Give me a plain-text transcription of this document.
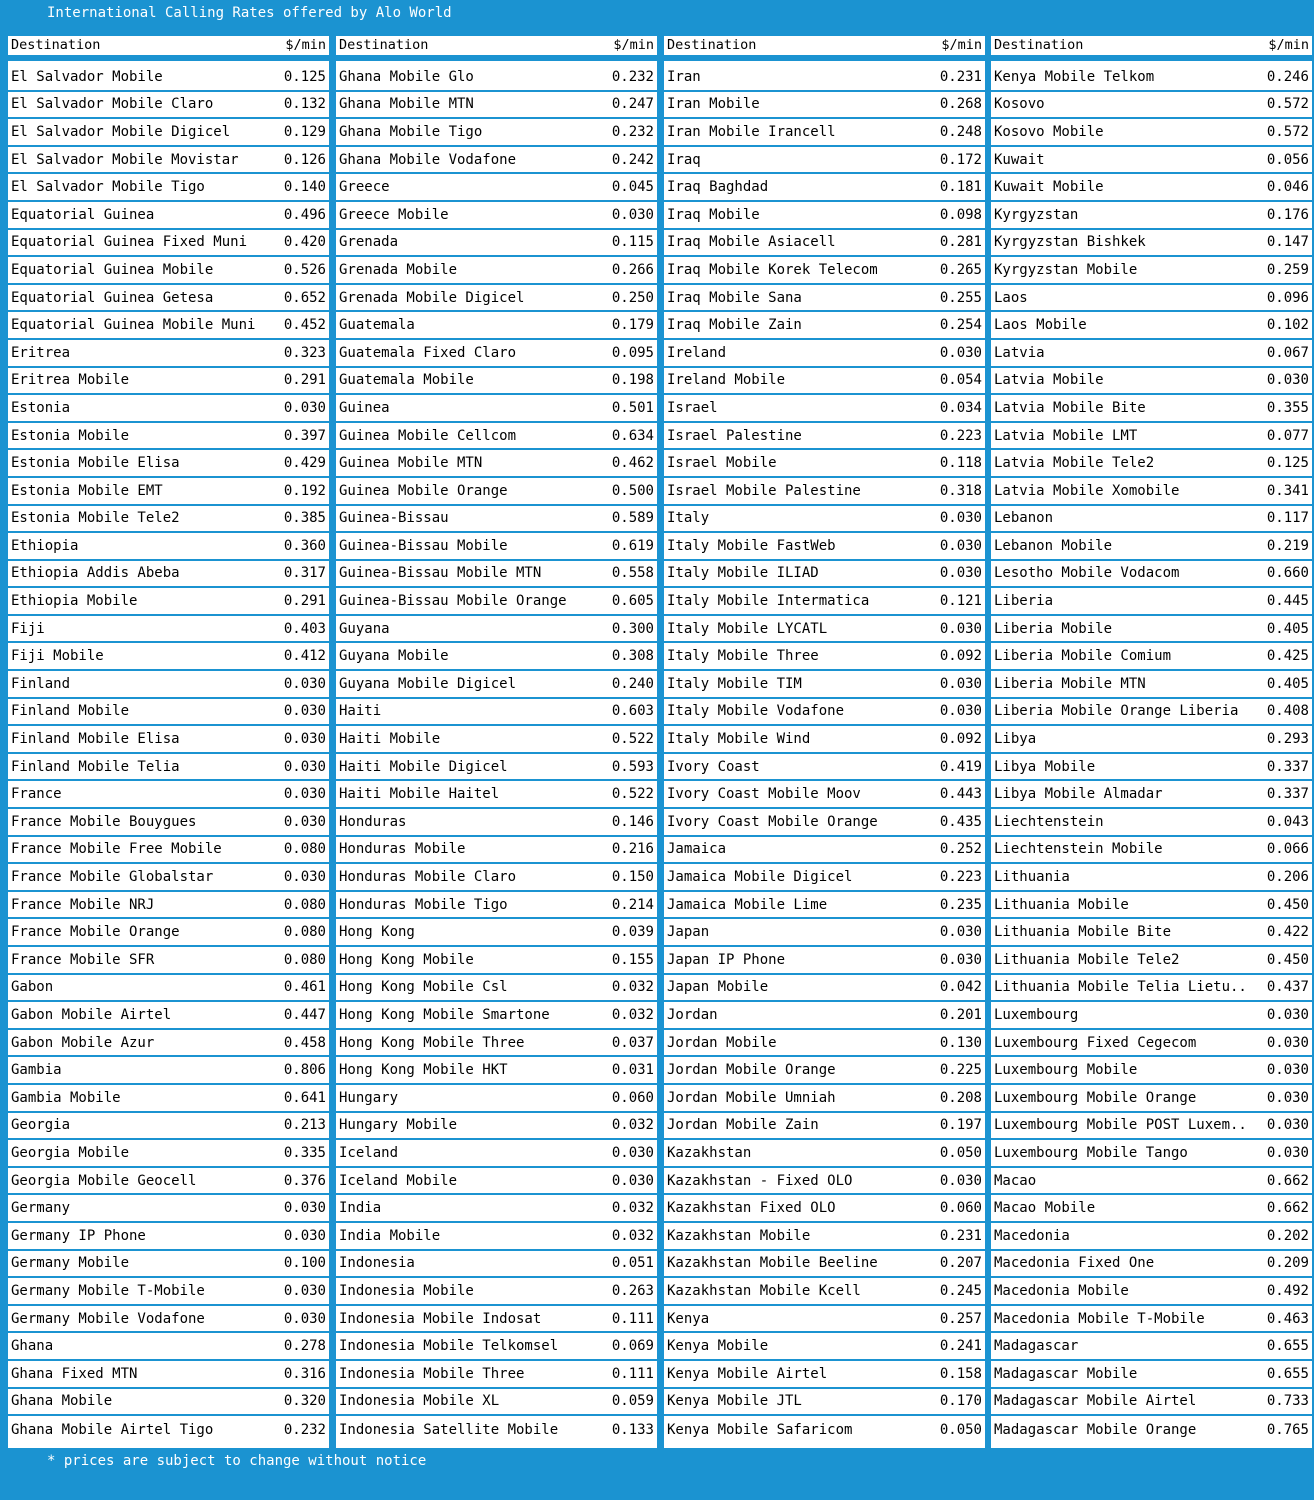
International Calling Rates offered by Alo World
Destination	$/min
El Salvador Mobile	0.125
El Salvador Mobile Claro	0.132
El Salvador Mobile Digicel	0.129
El Salvador Mobile Movistar	0.126
El Salvador Mobile Tigo	0.140
Equatorial Guinea	0.496
Equatorial Guinea Fixed Muni	0.420
Equatorial Guinea Mobile	0.526
Equatorial Guinea Getesa	0.652
Equatorial Guinea Mobile Muni	0.452
Eritrea	0.323
Eritrea Mobile	0.291
Estonia	0.030
Estonia Mobile	0.397
Estonia Mobile Elisa	0.429
Estonia Mobile EMT	0.192
Estonia Mobile Tele2	0.385
Ethiopia	0.360
Ethiopia Addis Abeba	0.317
Ethiopia Mobile	0.291
Fiji	0.403
Fiji Mobile	0.412
Finland	0.030
Finland Mobile	0.030
Finland Mobile Elisa	0.030
Finland Mobile Telia	0.030
France	0.030
France Mobile Bouygues	0.030
France Mobile Free Mobile	0.080
France Mobile Globalstar	0.030
France Mobile NRJ	0.080
France Mobile Orange	0.080
France Mobile SFR	0.080
Gabon	0.461
Gabon Mobile Airtel	0.447
Gabon Mobile Azur	0.458
Gambia	0.806
Gambia Mobile	0.641
Georgia	0.213
Georgia Mobile	0.335
Georgia Mobile Geocell	0.376
Germany	0.030
Germany IP Phone	0.030
Germany Mobile	0.100
Germany Mobile T-Mobile	0.030
Germany Mobile Vodafone	0.030
Ghana	0.278
Ghana Fixed MTN	0.316
Ghana Mobile	0.320
Ghana Mobile Airtel Tigo	0.232
Destination	$/min
Ghana Mobile Glo	0.232
Ghana Mobile MTN	0.247
Ghana Mobile Tigo	0.232
Ghana Mobile Vodafone	0.242
Greece	0.045
Greece Mobile	0.030
Grenada	0.115
Grenada Mobile	0.266
Grenada Mobile Digicel	0.250
Guatemala	0.179
Guatemala Fixed Claro	0.095
Guatemala Mobile	0.198
Guinea	0.501
Guinea Mobile Cellcom	0.634
Guinea Mobile MTN	0.462
Guinea Mobile Orange	0.500
Guinea-Bissau	0.589
Guinea-Bissau Mobile	0.619
Guinea-Bissau Mobile MTN	0.558
Guinea-Bissau Mobile Orange	0.605
Guyana	0.300
Guyana Mobile	0.308
Guyana Mobile Digicel	0.240
Haiti	0.603
Haiti Mobile	0.522
Haiti Mobile Digicel	0.593
Haiti Mobile Haitel	0.522
Honduras	0.146
Honduras Mobile	0.216
Honduras Mobile Claro	0.150
Honduras Mobile Tigo	0.214
Hong Kong	0.039
Hong Kong Mobile	0.155
Hong Kong Mobile Csl	0.032
Hong Kong Mobile Smartone	0.032
Hong Kong Mobile Three	0.037
Hong Kong Mobile HKT	0.031
Hungary	0.060
Hungary Mobile	0.032
Iceland	0.030
Iceland Mobile	0.030
India	0.032
India Mobile	0.032
Indonesia	0.051
Indonesia Mobile	0.263
Indonesia Mobile Indosat	0.111
Indonesia Mobile Telkomsel	0.069
Indonesia Mobile Three	0.111
Indonesia Mobile XL	0.059
Indonesia Satellite Mobile	0.133
Destination	$/min
Iran	0.231
Iran Mobile	0.268
Iran Mobile Irancell	0.248
Iraq	0.172
Iraq Baghdad	0.181
Iraq Mobile	0.098
Iraq Mobile Asiacell	0.281
Iraq Mobile Korek Telecom	0.265
Iraq Mobile Sana	0.255
Iraq Mobile Zain	0.254
Ireland	0.030
Ireland Mobile	0.054
Israel	0.034
Israel Palestine	0.223
Israel Mobile	0.118
Israel Mobile Palestine	0.318
Italy	0.030
Italy Mobile FastWeb	0.030
Italy Mobile ILIAD	0.030
Italy Mobile Intermatica	0.121
Italy Mobile LYCATL	0.030
Italy Mobile Three	0.092
Italy Mobile TIM	0.030
Italy Mobile Vodafone	0.030
Italy Mobile Wind	0.092
Ivory Coast	0.419
Ivory Coast Mobile Moov	0.443
Ivory Coast Mobile Orange	0.435
Jamaica	0.252
Jamaica Mobile Digicel	0.223
Jamaica Mobile Lime	0.235
Japan	0.030
Japan IP Phone	0.030
Japan Mobile	0.042
Jordan	0.201
Jordan Mobile	0.130
Jordan Mobile Orange	0.225
Jordan Mobile Umniah	0.208
Jordan Mobile Zain	0.197
Kazakhstan	0.050
Kazakhstan - Fixed OLO	0.030
Kazakhstan Fixed OLO	0.060
Kazakhstan Mobile	0.231
Kazakhstan Mobile Beeline	0.207
Kazakhstan Mobile Kcell	0.245
Kenya	0.257
Kenya Mobile	0.241
Kenya Mobile Airtel	0.158
Kenya Mobile JTL	0.170
Kenya Mobile Safaricom	0.050
Destination	$/min
Kenya Mobile Telkom	0.246
Kosovo	0.572
Kosovo Mobile	0.572
Kuwait	0.056
Kuwait Mobile	0.046
Kyrgyzstan	0.176
Kyrgyzstan Bishkek	0.147
Kyrgyzstan Mobile	0.259
Laos	0.096
Laos Mobile	0.102
Latvia	0.067
Latvia Mobile	0.030
Latvia Mobile Bite	0.355
Latvia Mobile LMT	0.077
Latvia Mobile Tele2	0.125
Latvia Mobile Xomobile	0.341
Lebanon	0.117
Lebanon Mobile	0.219
Lesotho Mobile Vodacom	0.660
Liberia	0.445
Liberia Mobile	0.405
Liberia Mobile Comium	0.425
Liberia Mobile MTN	0.405
Liberia Mobile Orange Liberia	0.408
Libya	0.293
Libya Mobile	0.337
Libya Mobile Almadar	0.337
Liechtenstein	0.043
Liechtenstein Mobile	0.066
Lithuania	0.206
Lithuania Mobile	0.450
Lithuania Mobile Bite	0.422
Lithuania Mobile Tele2	0.450
Lithuania Mobile Telia Lietu..	0.437
Luxembourg	0.030
Luxembourg Fixed Cegecom	0.030
Luxembourg Mobile	0.030
Luxembourg Mobile Orange	0.030
Luxembourg Mobile POST Luxem..	0.030
Luxembourg Mobile Tango	0.030
Macao	0.662
Macao Mobile	0.662
Macedonia	0.202
Macedonia Fixed One	0.209
Macedonia Mobile	0.492
Macedonia Mobile T-Mobile	0.463
Madagascar	0.655
Madagascar Mobile	0.655
Madagascar Mobile Airtel	0.733
Madagascar Mobile Orange	0.765
* prices are subject to change without notice
